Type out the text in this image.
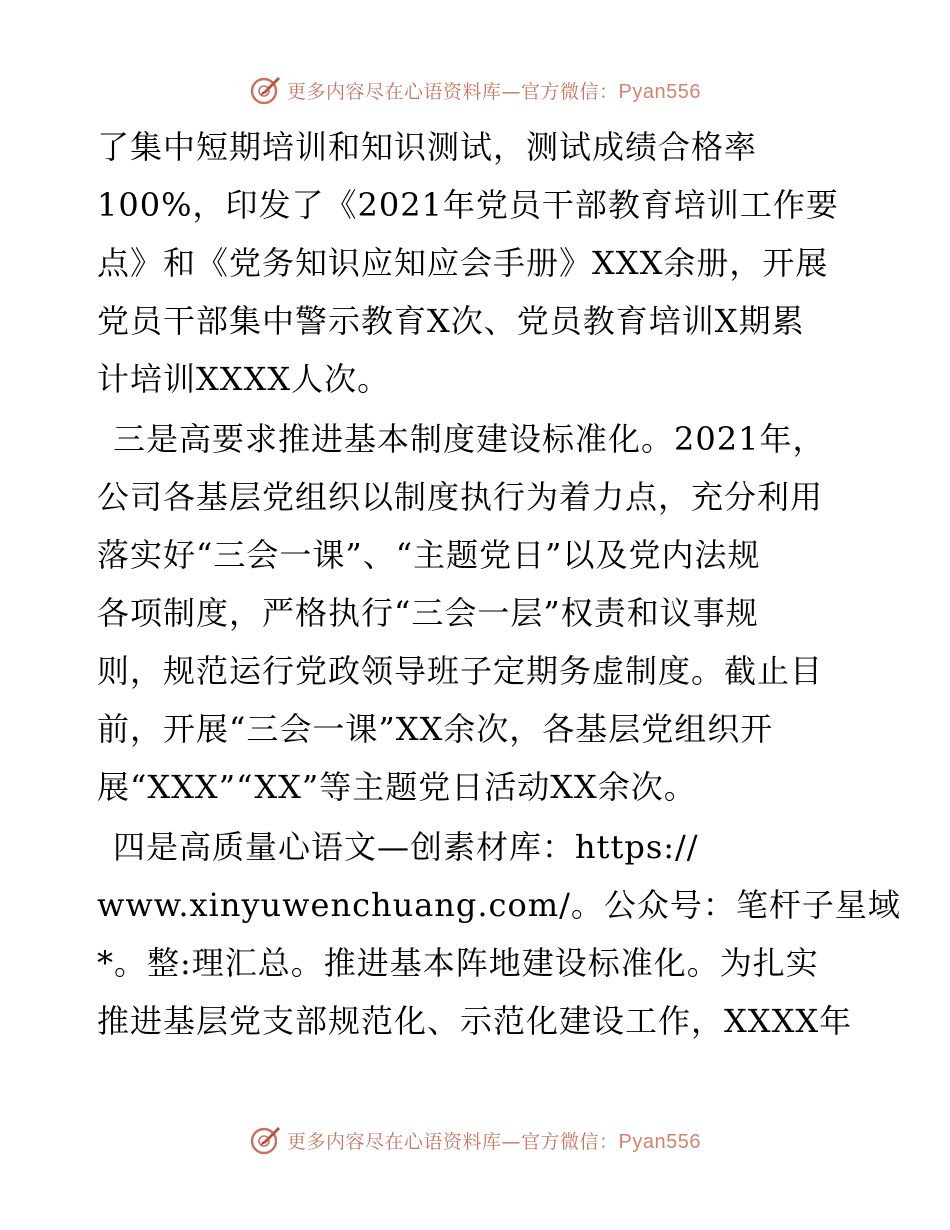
更多内容尽在心语资料库—官方微信：Pyan556

了集中短期培训和知识测试，测试成绩合格率
100%，印发了《2021年党员干部教育培训工作要
点》和《党务知识应知应会手册》XXX余册，开展
党员干部集中警示教育X次、党员教育培训X期累
计培训XXXX人次。

三是高要求推进基本制度建设标准化。2021年，
公司各基层党组织以制度执行为着力点，充分利用
落实好“三会一课”、“主题党日”以及党内法规
各项制度，严格执行“三会一层”权责和议事规
则，规范运行党政领导班子定期务虚制度。截止目
前，开展“三会一课”XX余次，各基层党组织开
展“XXX”“XX”等主题党日活动XX余次。

四是高质量心语文—创素材库：https://
www.xinyuwenchuang.com/。公众号：笔杆子星域
*。整:理汇总。推进基本阵地建设标准化。为扎实
推进基层党支部规范化、示范化建设工作，XXXX年

更多内容尽在心语资料库—官方微信：Pyan556
